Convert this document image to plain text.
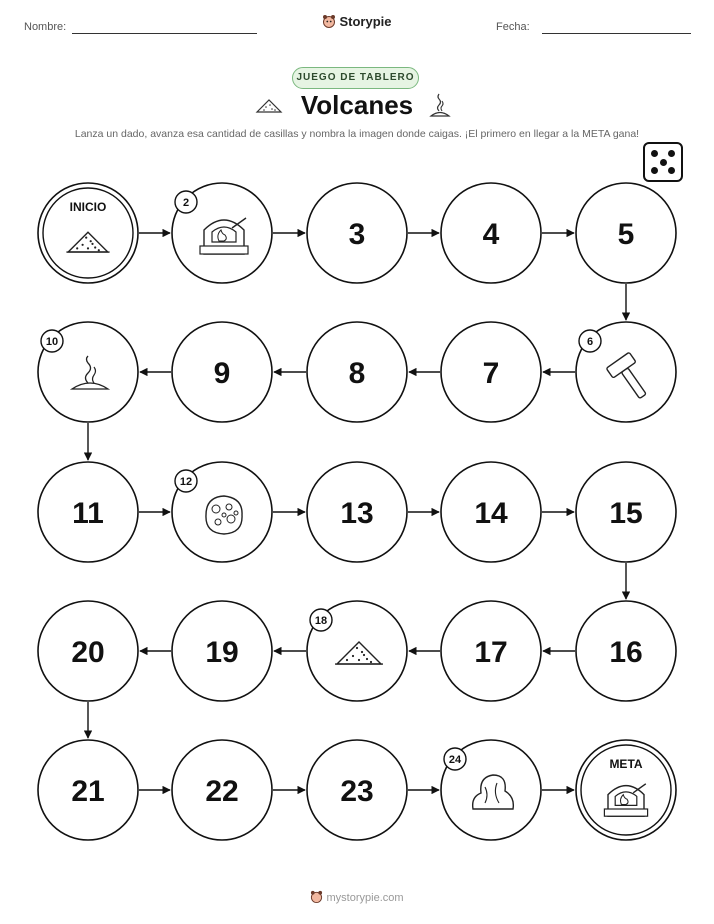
Nombre:	Storypie	Fecha:
JUEGO DE TABLERO
Volcanes
Lanza un dado, avanza esa cantidad de casillas y nombra la imagen donde caigas. ¡El primero en llegar a la META gana!
INICIO	2
3	4	5
6
7
8
9
10
11
12
13	14	15
16
17
18
19
20
21	22	23
24	META
mystorypie.com
